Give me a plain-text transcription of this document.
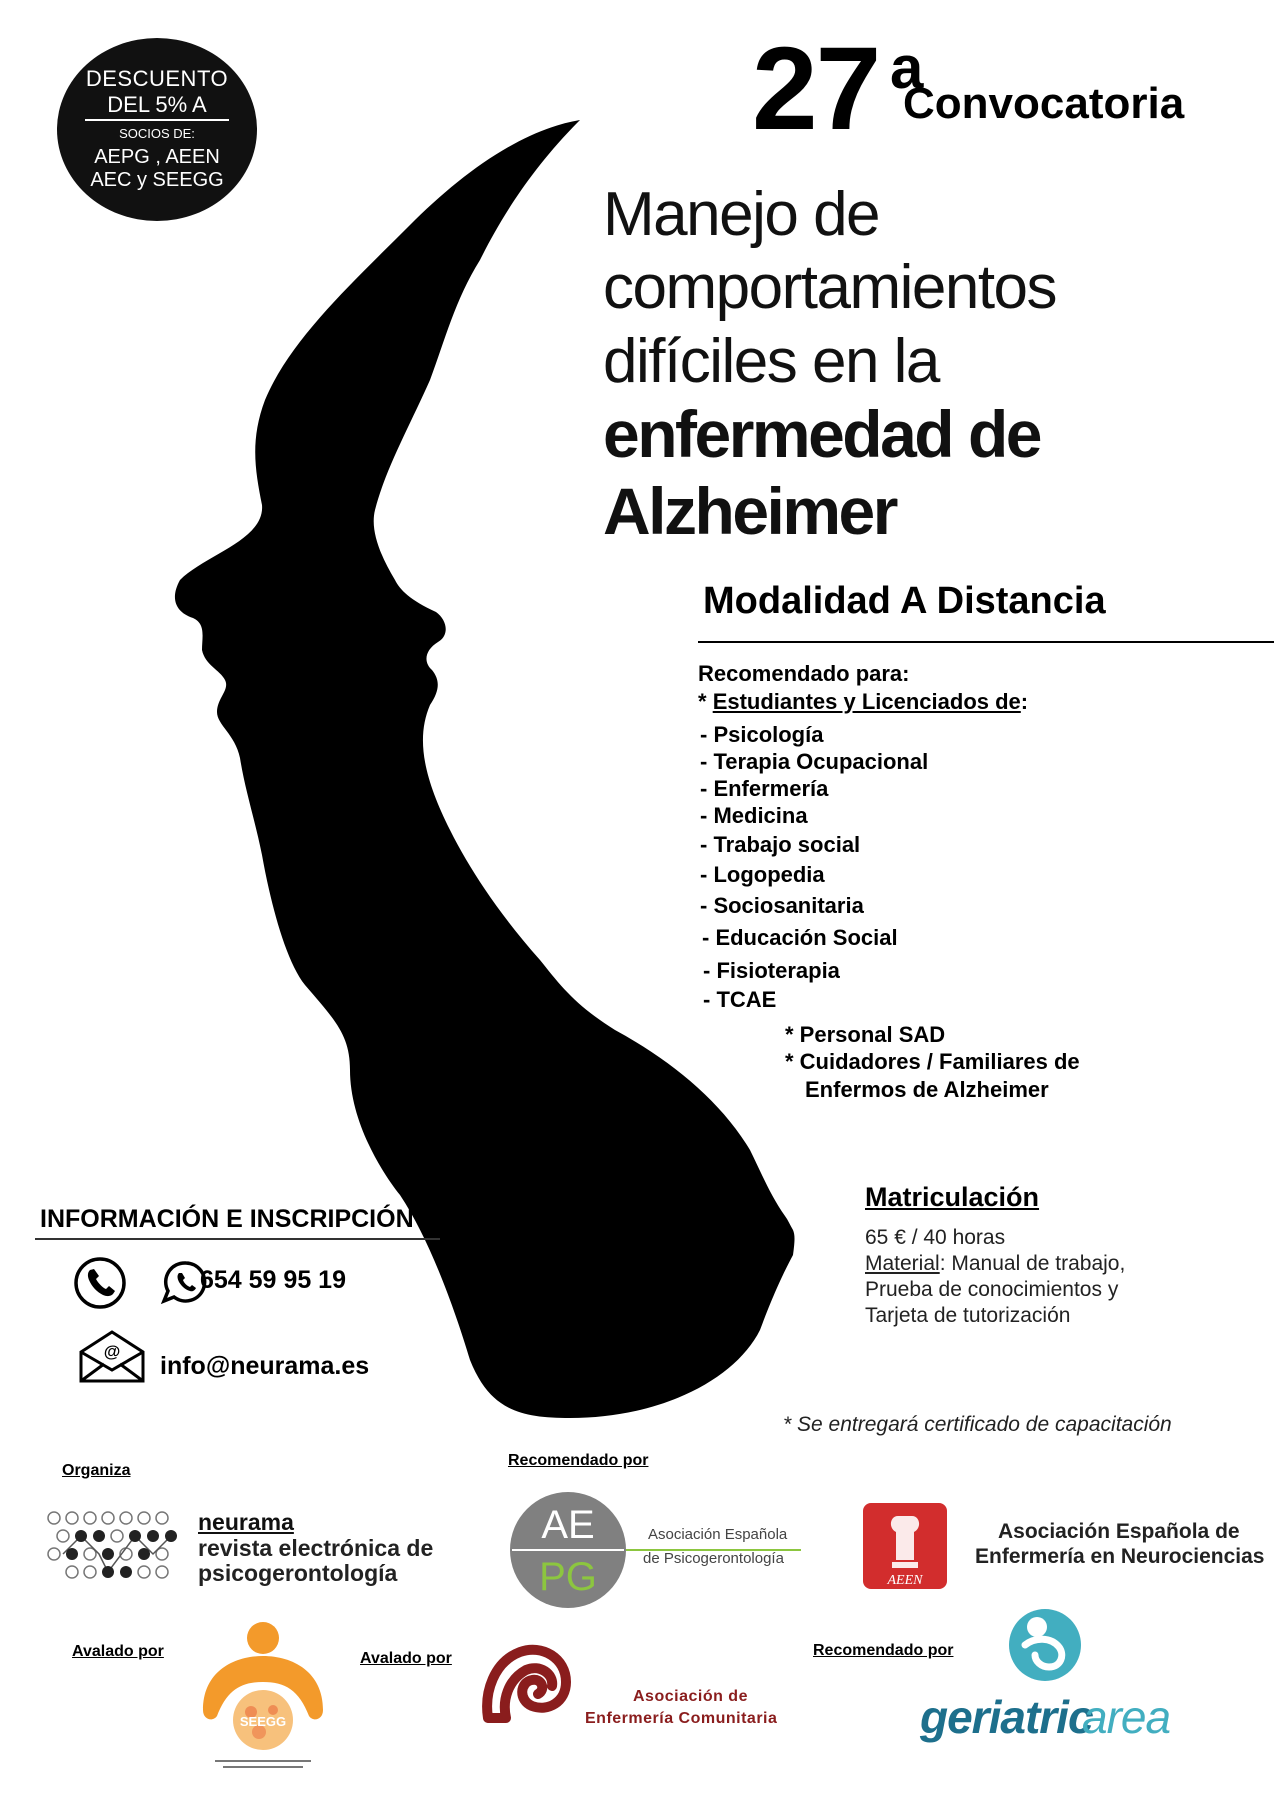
DESCUENTO
DEL 5% A
SOCIOS DE:
AEPG , AEEN
AEC y SEEGG
27 a
Convocatoria
Manejo de
comportamientos
difíciles en la
enfermedad de
Alzheimer
Modalidad A Distancia
Recomendado para:
* Estudiantes y Licenciados de:
- Psicología
- Terapia Ocupacional
- Enfermería
- Medicina
- Trabajo social
- Logopedia
- Sociosanitaria
- Educación Social
- Fisioterapia
- TCAE
* Personal SAD
* Cuidadores / Familiares de
Enfermos de Alzheimer
INFORMACIÓN E INSCRIPCIÓN
654 59 95 19
@
info@neurama.es
Matriculación
65 € / 40 horas
Material: Manual de trabajo,
Prueba de conocimientos y
Tarjeta de tutorización
* Se entregará certificado de capacitación
Organiza
Recomendado por
Avalado por	Avalado por	Recomendado por
neurama
revista electrónica de
psicogerontología
AE
PG
Asociación Española
de Psicogerontología
AEEN
Asociación Española de
Enfermería en Neurociencias
SEEGG
Asociación de
Enfermería Comunitaria	geriatric
area
